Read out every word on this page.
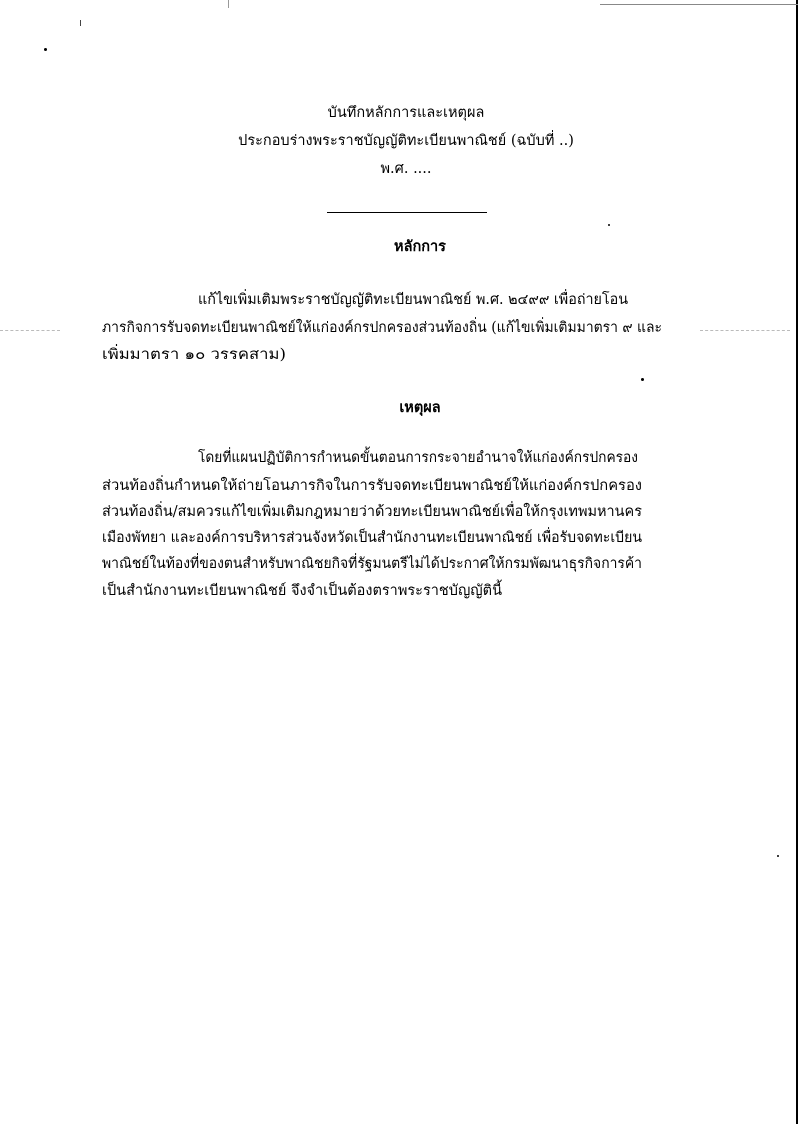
บันทึกหลักการและเหตุผล
ประกอบร่างพระราชบัญญัติทะเบียนพาณิชย์ (ฉบับที่ ..)
พ.ศ. ....
หลักการ
แก้ไขเพิ่มเติมพระราชบัญญัติทะเบียนพาณิชย์ พ.ศ. ๒๔๙๙ เพื่อถ่ายโอน
ภารกิจการรับจดทะเบียนพาณิชย์ให้แก่องค์กรปกครองส่วนท้องถิ่น (แก้ไขเพิ่มเติมมาตรา ๙ และ
เพิ่มมาตรา ๑๐ วรรคสาม)
เหตุผล
โดยที่แผนปฏิบัติการกำหนดขั้นตอนการกระจายอำนาจให้แก่องค์กรปกครอง
ส่วนท้องถิ่นกำหนดให้ถ่ายโอนภารกิจในการรับจดทะเบียนพาณิชย์ให้แก่องค์กรปกครอง
ส่วนท้องถิ่น/สมควรแก้ไขเพิ่มเติมกฎหมายว่าด้วยทะเบียนพาณิชย์เพื่อให้กรุงเทพมหานคร
เมืองพัทยา และองค์การบริหารส่วนจังหวัดเป็นสำนักงานทะเบียนพาณิชย์ เพื่อรับจดทะเบียน
พาณิชย์ในท้องที่ของตนสำหรับพาณิชยกิจที่รัฐมนตรีไม่ได้ประกาศให้กรมพัฒนาธุรกิจการค้า
เป็นสำนักงานทะเบียนพาณิชย์ จึงจำเป็นต้องตราพระราชบัญญัตินี้
